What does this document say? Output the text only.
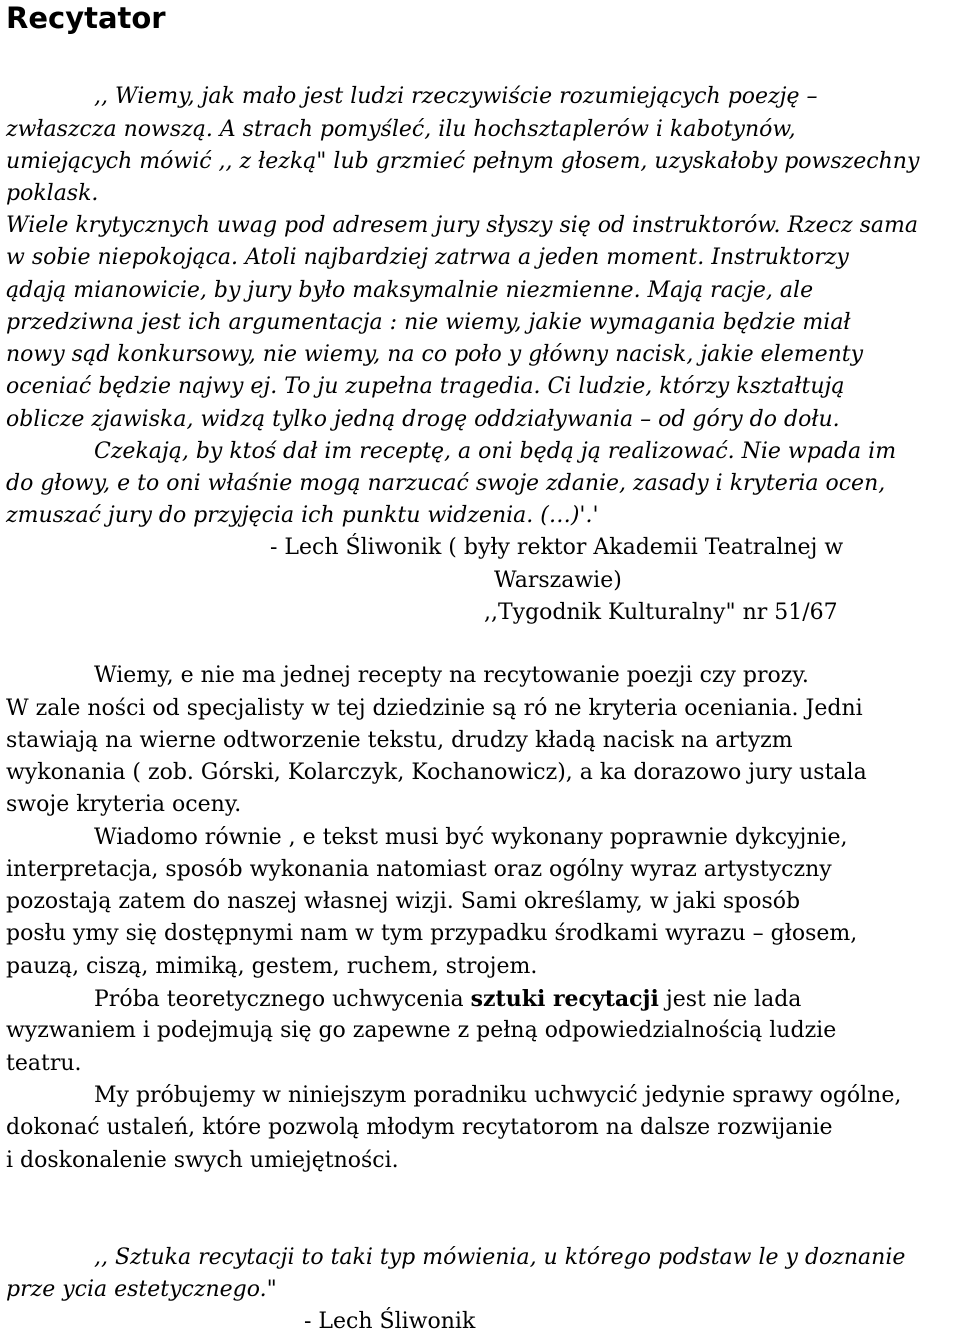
Recytator
,, Wiemy, jak mało jest ludzi rzeczywiście rozumiejących poezję –
zwłaszcza nowszą. A strach pomyśleć, ilu hochsztaplerów i kabotynów,
umiejących mówić ,, z łezką" lub grzmieć pełnym głosem, uzyskałoby powszechny
poklask.
Wiele krytycznych uwag pod adresem jury słyszy się od instruktorów. Rzecz sama
w sobie niepokojąca. Atoli najbardziej zatrwa a jeden moment. Instruktorzy
ądają mianowicie, by jury było maksymalnie niezmienne. Mają racje, ale
przedziwna jest ich argumentacja : nie wiemy, jakie wymagania będzie miał
nowy sąd konkursowy, nie wiemy, na co poło y główny nacisk, jakie elementy
oceniać będzie najwy ej. To ju zupełna tragedia. Ci ludzie, którzy kształtują
oblicze zjawiska, widzą tylko jedną drogę oddziaływania – od góry do dołu.
Czekają, by ktoś dał im receptę, a oni będą ją realizować. Nie wpada im
do głowy, e to oni właśnie mogą narzucać swoje zdanie, zasady i kryteria ocen,
zmuszać jury do przyjęcia ich punktu widzenia. (…)'.'
- Lech Śliwonik ( były rektor Akademii Teatralnej w
Warszawie)
,,Tygodnik Kulturalny" nr 51/67
Wiemy, e nie ma jednej recepty na recytowanie poezji czy prozy.
W zale ności od specjalisty w tej dziedzinie są ró ne kryteria oceniania. Jedni
stawiają na wierne odtworzenie tekstu, drudzy kładą nacisk na artyzm
wykonania ( zob. Górski, Kolarczyk, Kochanowicz), a ka dorazowo jury ustala
swoje kryteria oceny.
Wiadomo równie , e tekst musi być wykonany poprawnie dykcyjnie,
interpretacja, sposób wykonania natomiast oraz ogólny wyraz artystyczny
pozostają zatem do naszej własnej wizji. Sami określamy, w jaki sposób
posłu ymy się dostępnymi nam w tym przypadku środkami wyrazu – głosem,
pauzą, ciszą, mimiką, gestem, ruchem, strojem.
Próba teoretycznego uchwycenia sztuki recytacji jest nie lada
wyzwaniem i podejmują się go zapewne z pełną odpowiedzialnością ludzie
teatru.
My próbujemy w niniejszym poradniku uchwycić jedynie sprawy ogólne,
dokonać ustaleń, które pozwolą młodym recytatorom na dalsze rozwijanie
i doskonalenie swych umiejętności.
,, Sztuka recytacji to taki typ mówienia, u którego podstaw le y doznanie
prze ycia estetycznego."
- Lech Śliwonik
